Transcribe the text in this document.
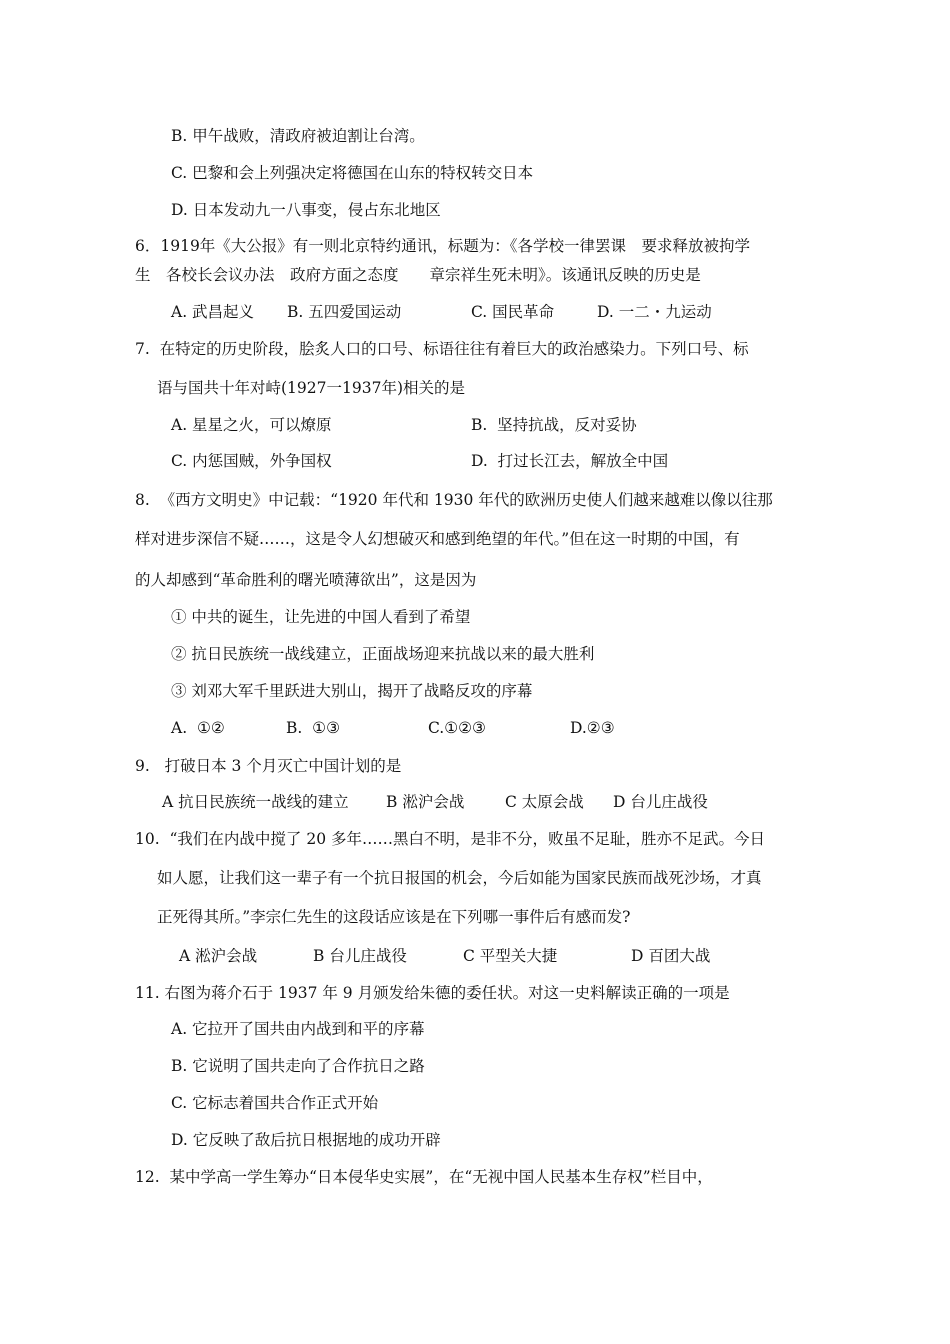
B. 甲午战败，清政府被迫割让台湾。
C. 巴黎和会上列强决定将德国在山东的特权转交日本
D. 日本发动九一八事变，侵占东北地区
6．1919年《大公报》有一则北京特约通讯，标题为：《各学校一律罢课　要求释放被拘学
生　各校长会议办法　政府方面之态度　　章宗祥生死未明》。该通讯反映的历史是
A. 武昌起义 B. 五四爱国运动	C. 国民革命	D. 一二・九运动
7.  在特定的历史阶段，脍炙人口的口号、标语往往有着巨大的政治感染力。下列口号、标
语与国共十年对峙(1927一1937年)相关的是
A. 星星之火，可以燎原	B.  坚持抗战，反对妥协
C. 内惩国贼，外争国权	D.  打过长江去，解放全中国
8.  《西方文明史》中记载：“1920 年代和 1930 年代的欧洲历史使人们越来越难以像以往那
样对进步深信不疑……，这是令人幻想破灭和感到绝望的年代。”但在这一时期的中国，有
的人却感到“革命胜利的曙光喷薄欲出”，这是因为
① 中共的诞生，让先进的中国人看到了希望
② 抗日民族统一战线建立，正面战场迎来抗战以来的最大胜利
③ 刘邓大军千里跃进大别山，揭开了战略反攻的序幕
A.  ①②	B.  ①③	C.①②③	D.②③
9.   打破日本 3 个月灭亡中国计划的是
A 抗日民族统一战线的建立 B 淞沪会战	C 太原会战 D 台儿庄战役
10.  “我们在内战中搅了 20 多年……黑白不明，是非不分，败虽不足耻，胜亦不足武。今日
如人愿，让我们这一辈子有一个抗日报国的机会，今后如能为国家民族而战死沙场，才真
正死得其所。”李宗仁先生的这段话应该是在下列哪一事件后有感而发?
A 淞沪会战	B 台儿庄战役	C 平型关大捷	D 百团大战
11. 右图为蒋介石于 1937 年 9 月颁发给朱德的委任状。对这一史料解读正确的一项是
A. 它拉开了国共由内战到和平的序幕
B. 它说明了国共走向了合作抗日之路
C. 它标志着国共合作正式开始
D. 它反映了敌后抗日根据地的成功开辟
12.  某中学高一学生筹办“日本侵华史实展”，在“无视中国人民基本生存权”栏目中，
